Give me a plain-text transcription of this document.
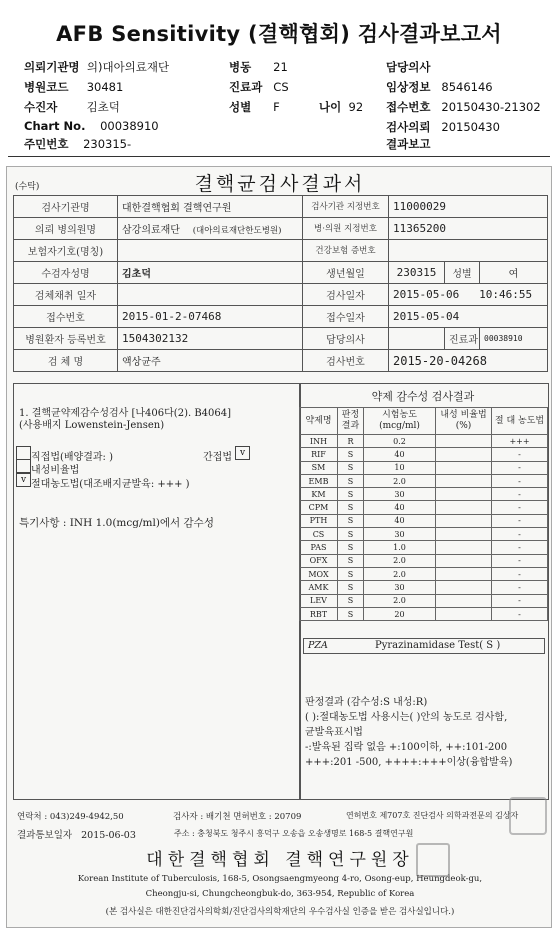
AFB Sensitivity (결핵협회) 검사결과보고서
의뢰기관명 의)대아의료재단	병동 21	담당의사
병원코드 30481	진료과 CS	임상정보 8546146
수진자	김초덕	성별 F	나이 92 접수번호 20150430-21302
Chart No. 00038910	검사의뢰 20150430
주민번호 230315-	결과보고
(수탁)	결핵균검사결과서
검사기관명	대한결핵협회 결핵연구원	검사기관 지정번호	11000029		
의뢰 병의원명	삼강의료재단 (대아의료재단한도병원)	병·의원 지정번호	11365200		
보험자기호(명칭)		건강보험 증번호			
수검자성명	김초덕	생년월일	230315	성별	여
검체채취 일자		검사일자	2015-05-06 10:46:55		
접수번호	2015-01-2-07468	접수일자	2015-05-04		
병원환자 등록번호	1504302132	담당의사		진료과	00038910
검 체 명	액상균주	검사번호	2015-20-04268		
1. 결핵균약제감수성검사 [나406다(2). B4064]
(사용배지 Lowenstein-Jensen)
직접법(배양결과: )	간접법 v
내성비율법
v 절대농도법(대조배지균발육: +++ )
특기사항 : INH 1.0(mcg/ml)에서 감수성
약제 감수성 검사결과
약제명	판정 결과	시험농도 (mcg/ml)	내성 비율법(%)	절 대 농도법
INH	R	0.2		+++
RIF	S	40		-
SM	S	10		-
EMB	S	2.0		-
KM	S	30		-
CPM	S	40		-
PTH	S	40		-
CS	S	30		-
PAS	S	1.0		-
OFX	S	2.0		-
MOX	S	2.0		-
AMK	S	30		-
LEV	S	2.0		-
RBT	S	20		-
PZA	Pyrazinamidase Test( S )
판정결과 (감수성:S 내성:R)
( ):절대농도법 사용시는( )안의 농도로 검사함,
균발육표시법
-:발육된 집락 없음 +:100이하, ++:101-200
+++:201 -500, ++++:+++이상(융합발육)
연락처 : 043)249-4942,50	검사자 : 배기천 면허번호 : 20709	연허번호 제707호 진단검사 의학과전문의 김상자
결과통보일자 2015-06-03	주소 : 충청북도 청주시 흥덕구 오송읍 오송생명로 168-5 결핵연구원
대한결핵협회 결핵연구원장
Korean Institute of Tuberculosis, 168-5, Osongsaengmyeong 4-ro, Osong-eup, Heungdeok-gu,
Cheongju-si, Chungcheongbuk-do, 363-954, Republic of Korea
(본 검사실은 대한진단검사의학회/진단검사의학재단의 우수검사실 인증을 받은 검사실입니다.)
